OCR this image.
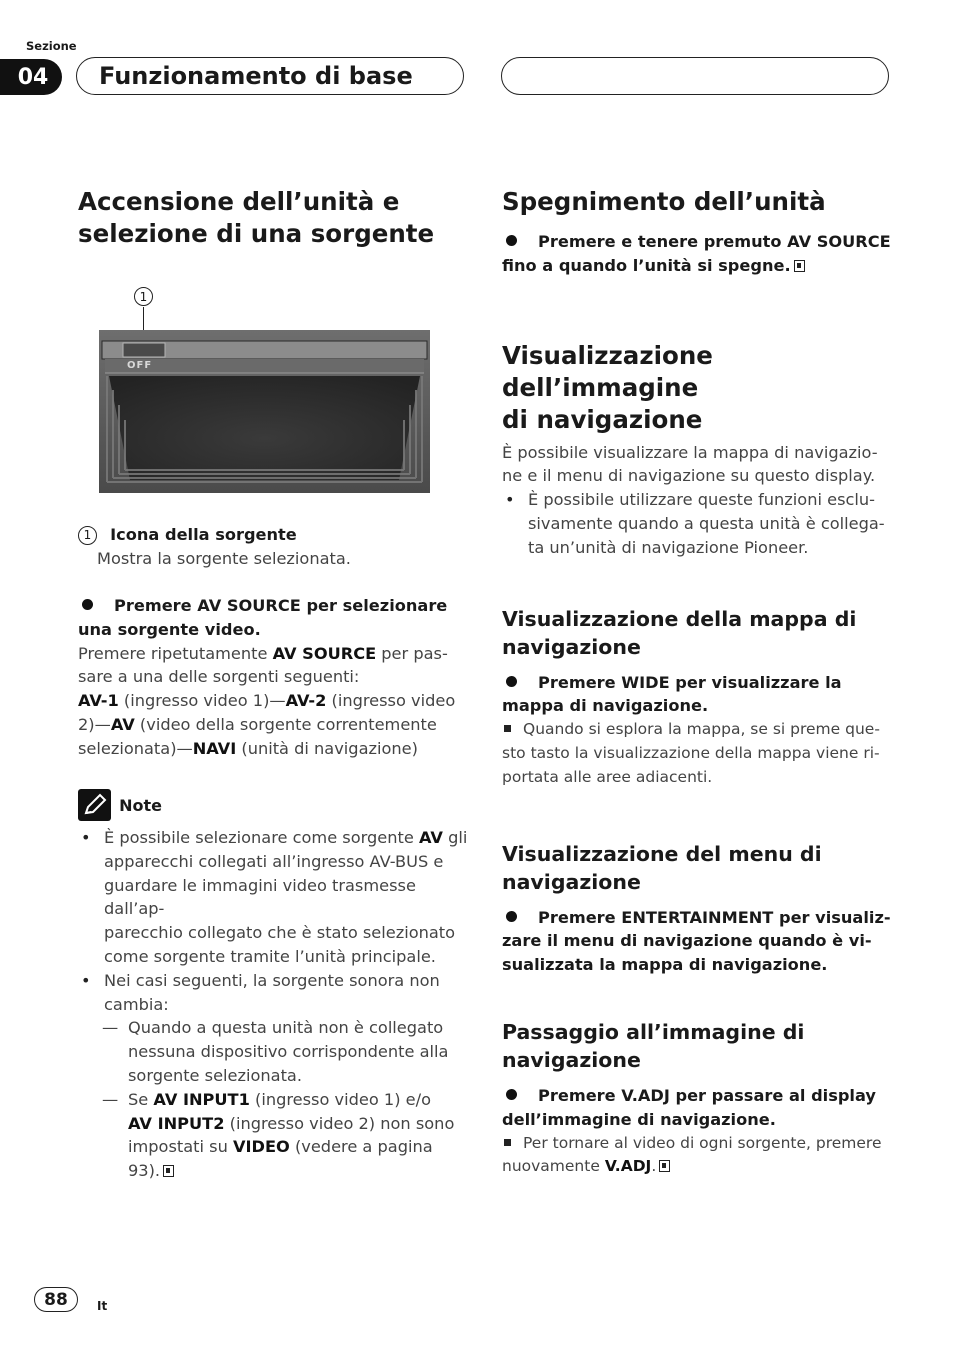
Sezione
04	Funzionamento di base
Accensione dell’unità e
selezione di una sorgente
1
OFF
1 Icona della sorgente
Mostra la sorgente selezionata.

Premere AV SOURCE per selezionare

una sorgente video.

Premere ripetutamente AV SOURCE per pas-

sare a una delle sorgenti seguenti:

AV-1 (ingresso video 1)—AV-2 (ingresso video

2)—AV (video della sorgente correntemente

selezionata)—NAVI (unità di navigazione)

Note
• È possibile selezionare come sorgente AV gli
apparecchi collegati all’ingresso AV-BUS e
guardare le immagini video trasmesse dall’ap-
parecchio collegato che è stato selezionato
come sorgente tramite l’unità principale.
• Nei casi seguenti, la sorgente sonora non
cambia:
— Quando a questa unità non è collegato
nessuna dispositivo corrispondente alla
sorgente selezionata.
— Se AV INPUT1 (ingresso video 1) e/o
AV INPUT2 (ingresso video 2) non sono
impostati su VIDEO (vedere a pagina
93).
Spegnimento dell’unità

Premere e tenere premuto AV SOURCE

fino a quando l’unità si spegne.

Visualizzazione dell’immagine
di navigazione

È possibile visualizzare la mappa di navigazio-

ne e il menu di navigazione su questo display.

• È possibile utilizzare queste funzioni esclu-
sivamente quando a questa unità è collega-
ta un’unità di navigazione Pioneer.
Visualizzazione della mappa di
navigazione

Premere WIDE per visualizzare la

mappa di navigazione.

Quando si esplora la mappa, se si preme que-

sto tasto la visualizzazione della mappa viene ri-

portata alle aree adiacenti.

Visualizzazione del menu di
navigazione

Premere ENTERTAINMENT per visualiz-

zare il menu di navigazione quando è vi-

sualizzata la mappa di navigazione.

Passaggio all’immagine di
navigazione

Premere V.ADJ per passare al display

dell’immagine di navigazione.

Per tornare al video di ogni sorgente, premere

nuovamente V.ADJ.

88	It
